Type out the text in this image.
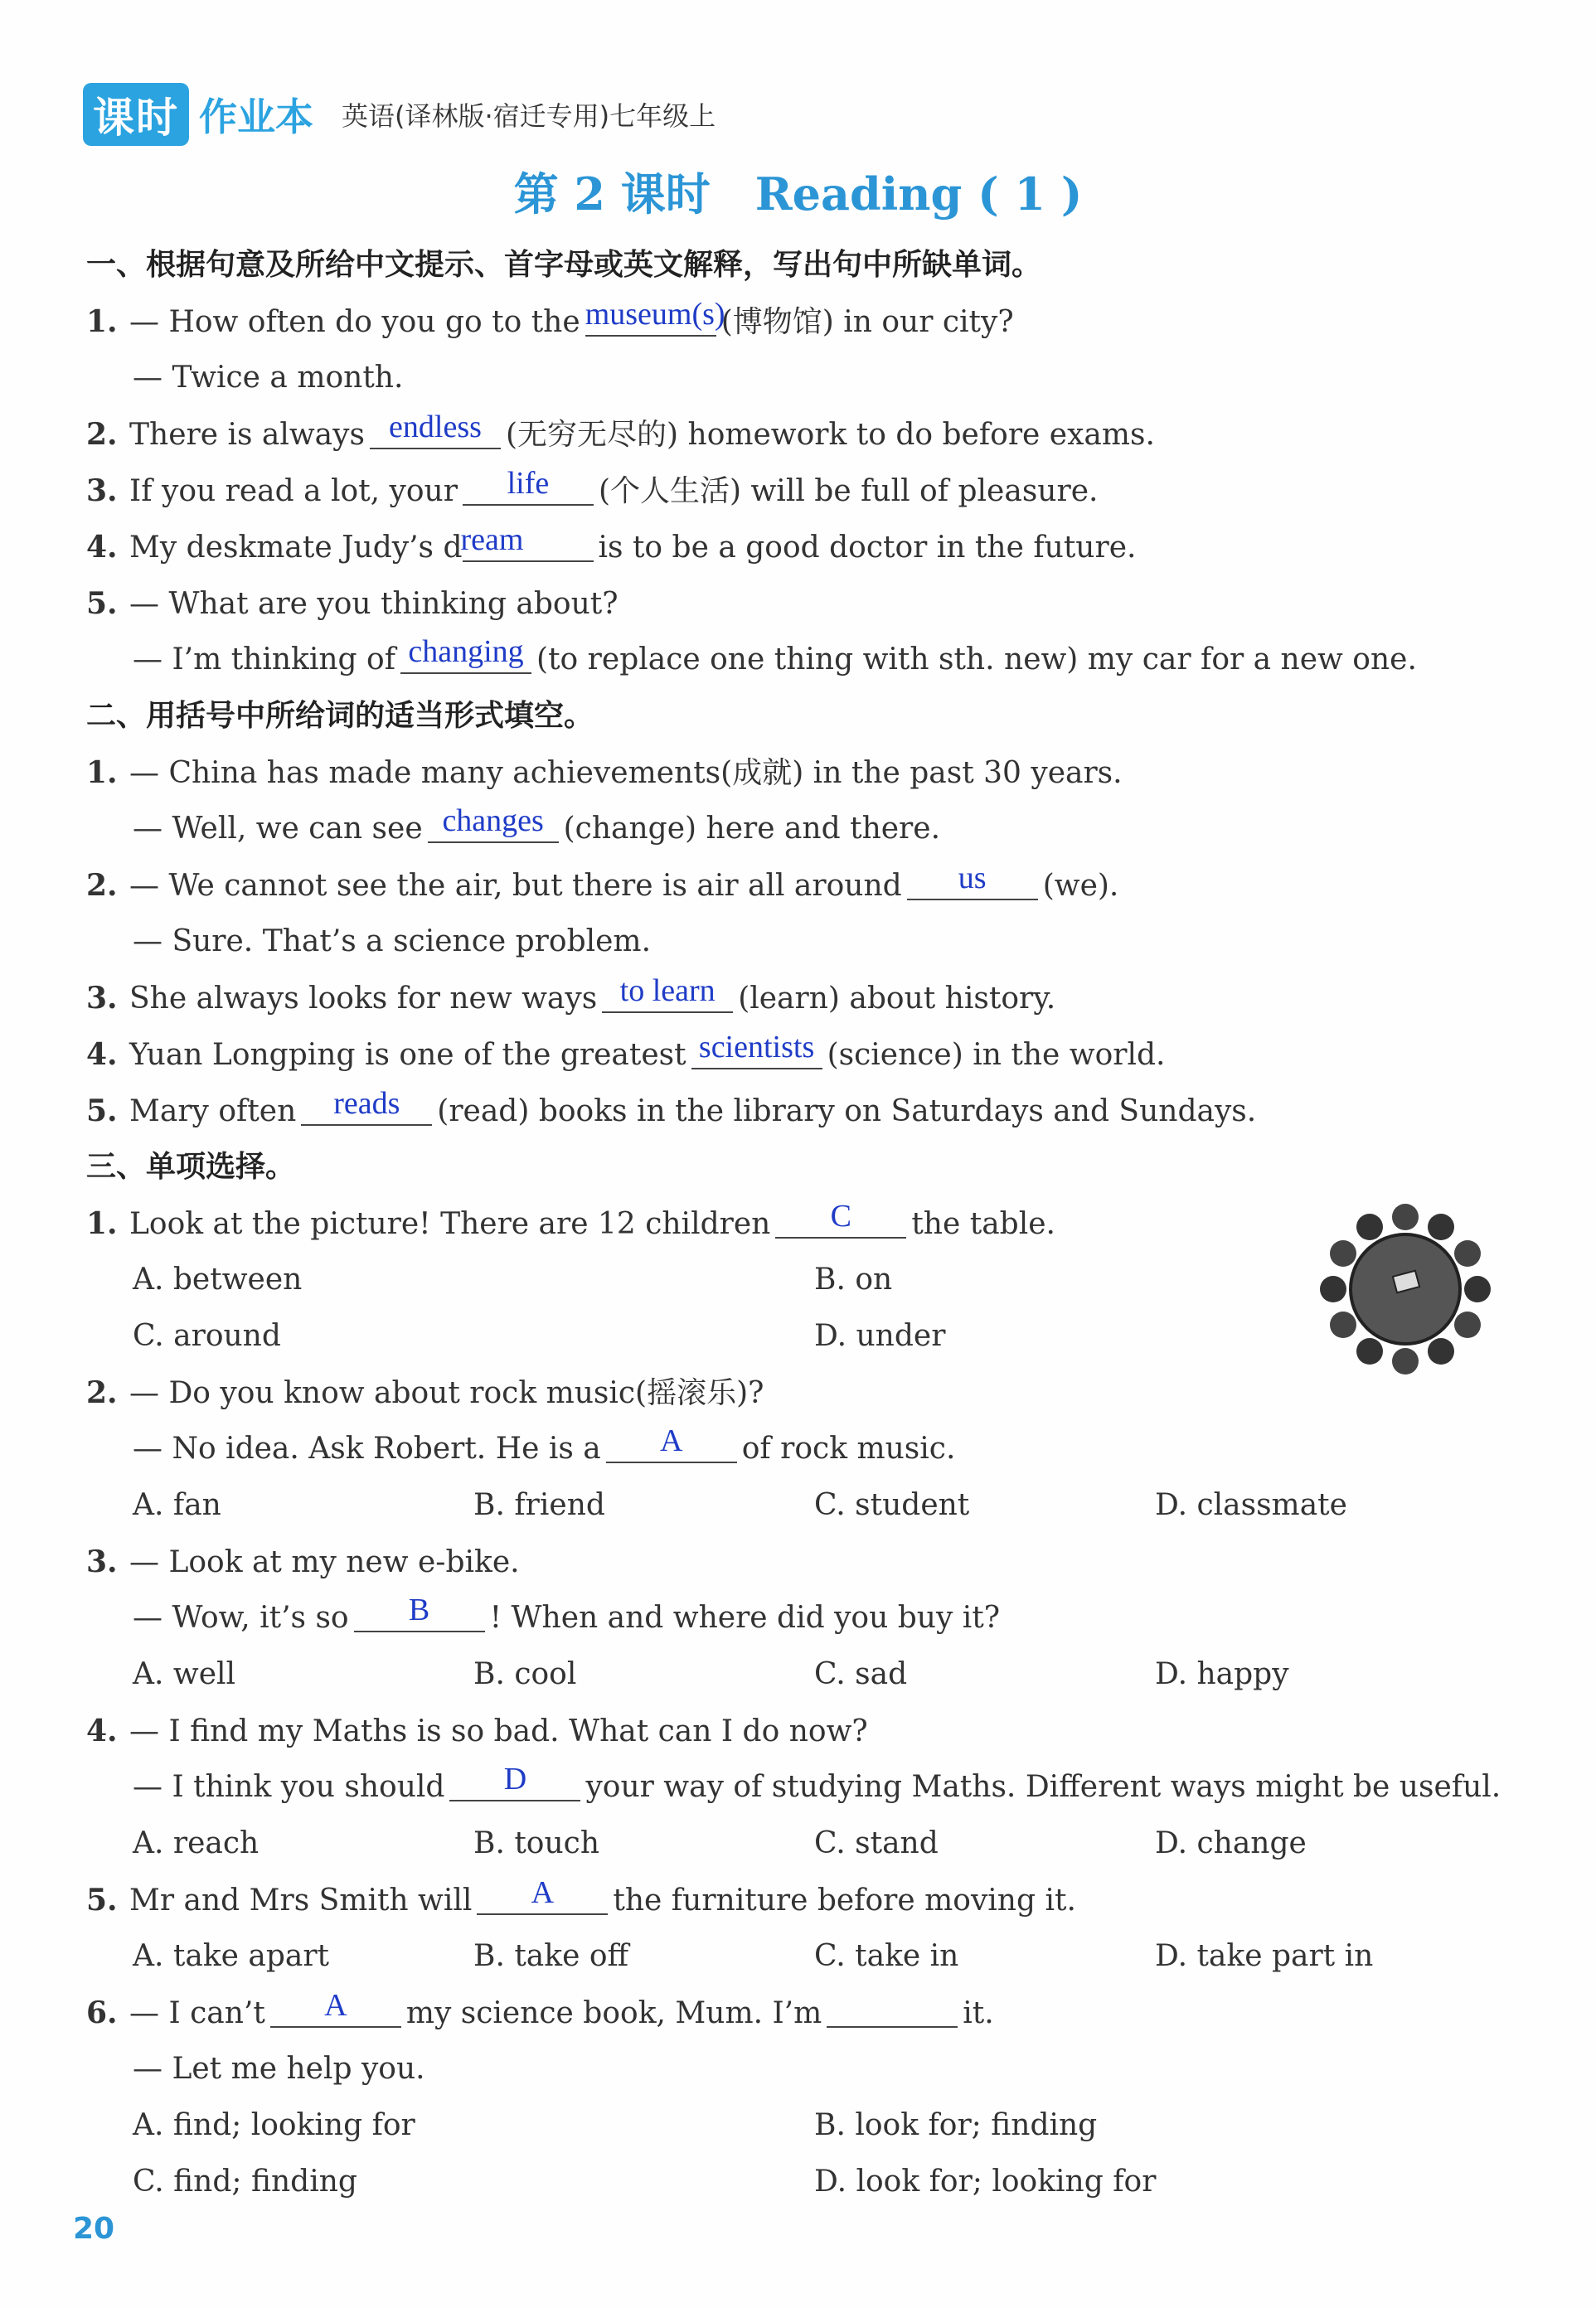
课时 作业本 英语(译林版·宿迁专用)七年级上
第 2 课时　Reading ( 1 )
一、根据句意及所给中文提示、首字母或英文解释，写出句中所缺单词。
1. — How often do you go to the museum(s)
(博物馆) in our city?
— Twice a month.
2. There is always endless (无穷无尽的) homework to do before exams.
3. If you read a lot, your	life	(个人生活) will be full of pleasure.
4. My deskmate Judy’s d
ream	is to be a good doctor in the future.
5. — What are you thinking about?
— I’m thinking of changing (to replace one thing with sth. new) my car for a new one.
二、用括号中所给词的适当形式填空。
1. — China has made many achievements(成就) in the past 30 years.
— Well, we can see changes (change) here and there.
2. — We cannot see the air, but there is air all around	us	(we).
— Sure. That’s a science problem.
3. She always looks for new ways to learn (learn) about history.
4. Yuan Longping is one of the greatest scientists (science) in the world.
5. Mary often	reads	(read) books in the library on Saturdays and Sundays.
三、单项选择。
1. Look at the picture! There are 12 children	C	the table.
A. between	B. on
C. around	D. under
2. — Do you know about rock music(摇滚乐)?
— No idea. Ask Robert. He is a	A	of rock music.
A. fan	B. friend	C. student	D. classmate
3. — Look at my new e-bike.
— Wow, it’s so	B	! When and where did you buy it?
A. well	B. cool	C. sad	D. happy
4. — I find my Maths is so bad. What can I do now?
— I think you should	D	your way of studying Maths. Different ways might be useful.
A. reach	B. touch	C. stand	D. change
5. Mr and Mrs Smith will	A	the furniture before moving it.
A. take apart	B. take off	C. take in	D. take part in
6. — I can’t	A	my science book, Mum. I’m	it.
— Let me help you.
A. find; looking for	B. look for; finding
C. find; finding	D. look for; looking for
20
